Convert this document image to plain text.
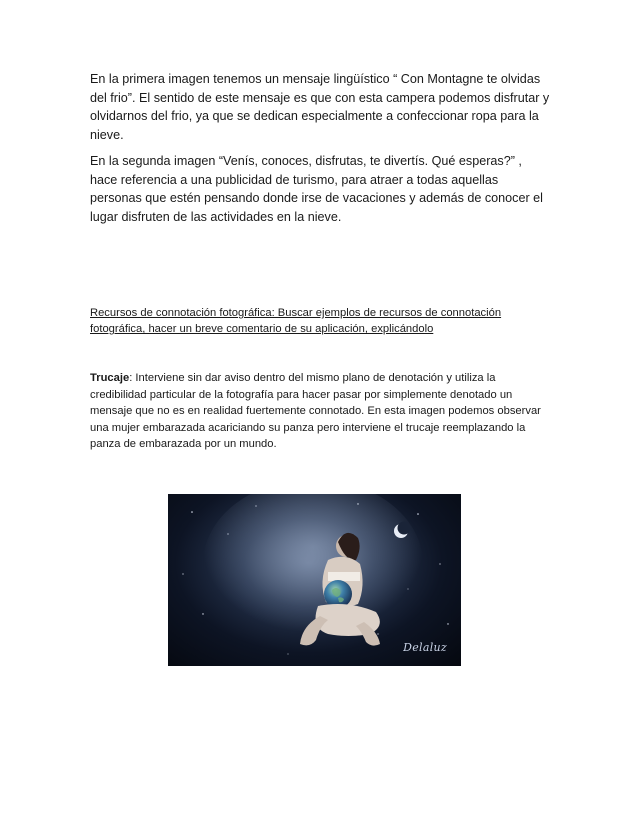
En la primera imagen tenemos un mensaje lingüístico “ Con Montagne te olvidas del frio”. El sentido de este mensaje es que con esta campera podemos disfrutar y olvidarnos del frio, ya que se dedican especialmente a confeccionar ropa para la nieve.

En la segunda imagen “Venís, conoces, disfrutas, te divertís. Qué esperas?” , hace referencia a una publicidad de turismo, para atraer a todas aquellas personas que estén pensando donde irse de vacaciones y además de conocer el lugar disfruten de las actividades en la nieve.

Recursos de connotación fotográfica: Buscar ejemplos de recursos de connotación fotográfica, hacer un breve comentario de su aplicación, explicándolo

Trucaje: Interviene sin dar aviso dentro del mismo plano de denotación y utiliza la credibilidad particular de la fotografía para hacer pasar por simplemente denotado un mensaje que no es en realidad fuertemente connotado. En esta imagen podemos observar una mujer embarazada acariciando su panza pero interviene el trucaje reemplazando la panza de embarazada por un mundo.

Delaluz
